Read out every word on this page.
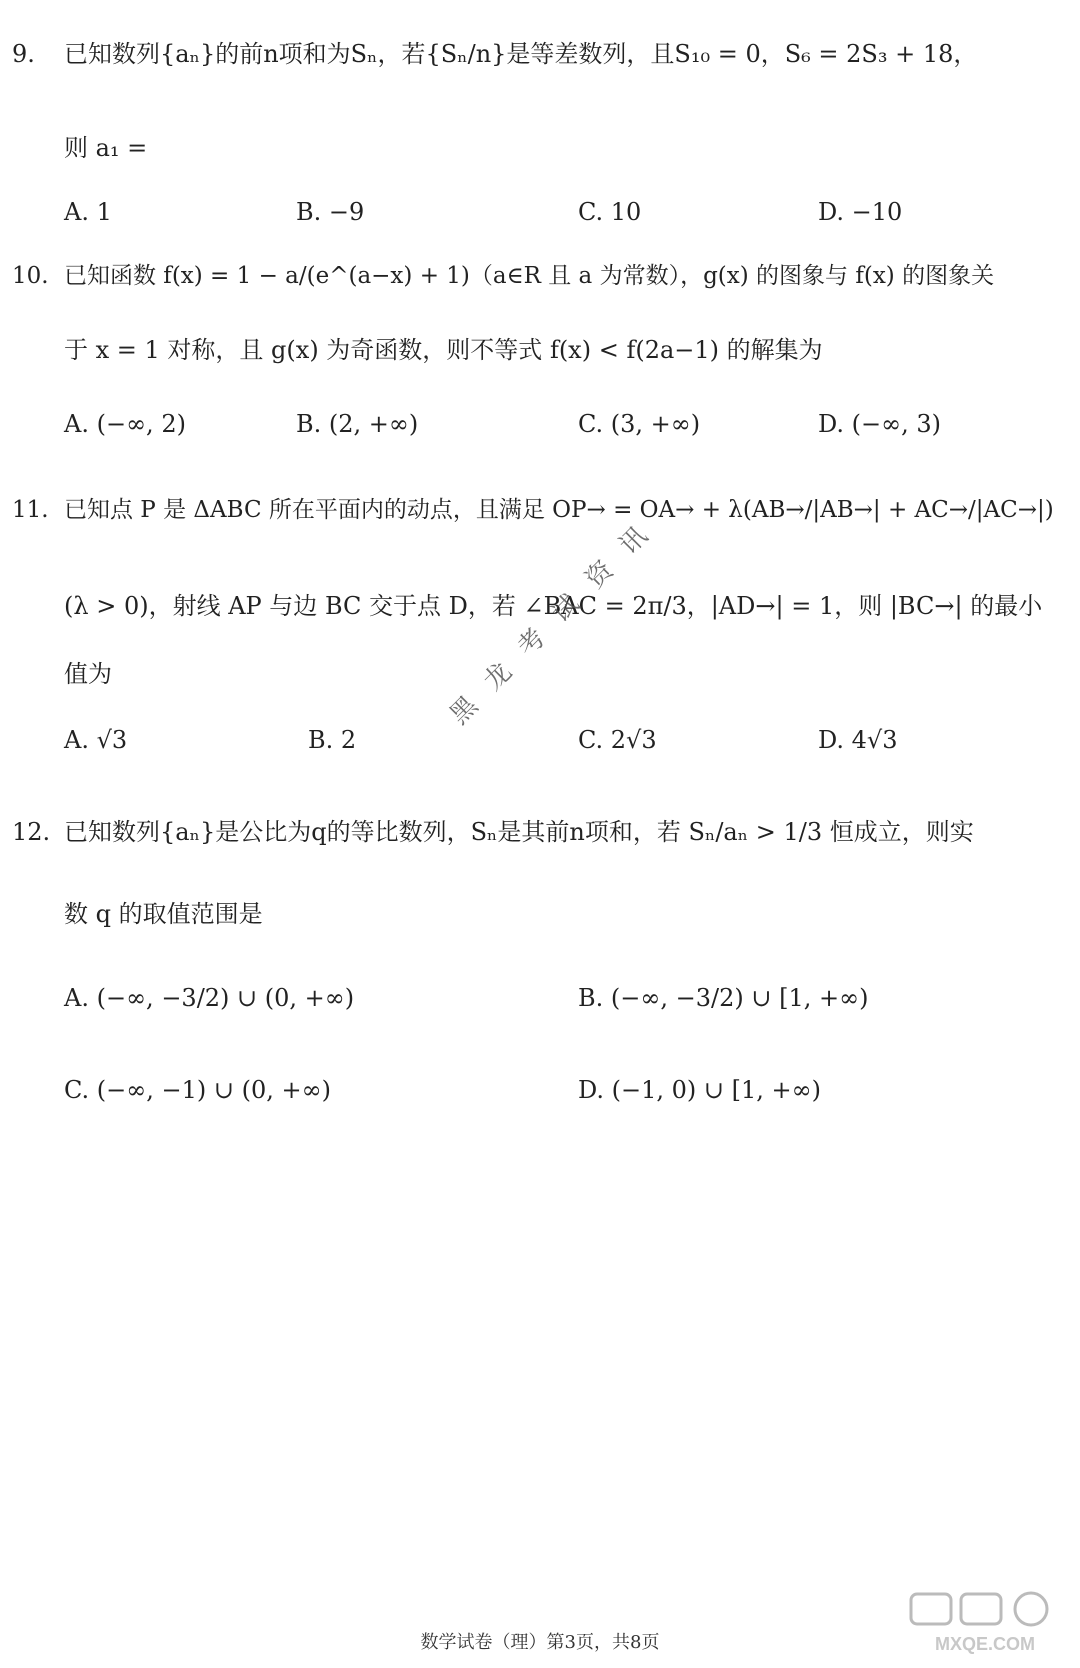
9. 已知数列{aₙ}的前n项和为Sₙ，若{Sₙ/n}是等差数列，且S₁₀ = 0，S₆ = 2S₃ + 18，
则 a₁ =
A. 1	B. −9	C. 10	D. −10
10. 已知函数 f(x) = 1 − a/(e^(a−x) + 1)（a∈R 且 a 为常数），g(x) 的图象与 f(x) 的图象关
于 x = 1 对称，且 g(x) 为奇函数，则不等式 f(x) < f(2a−1) 的解集为
A. (−∞, 2)	B. (2, +∞)	C. (3, +∞)	D. (−∞, 3)
11. 已知点 P 是 ΔABC 所在平面内的动点，且满足 OP→ = OA→ + λ(AB→/|AB→| + AC→/|AC→|)
(λ > 0)，射线 AP 与边 BC 交于点 D，若 ∠BAC = 2π/3，|AD→| = 1，则 |BC→| 的最小
值为
A. √3	B. 2	C. 2√3	D. 4√3
12. 已知数列{aₙ}是公比为q的等比数列，Sₙ是其前n项和，若 Sₙ/aₙ > 1/3 恒成立，则实
数 q 的取值范围是
A. (−∞, −3/2) ∪ (0, +∞)	B. (−∞, −3/2) ∪ [1, +∞)
C. (−∞, −1) ∪ (0, +∞)	D. (−1, 0) ∪ [1, +∞)
黑龙考试资讯
MXQE.COM
数学试卷（理）第3页，共8页
